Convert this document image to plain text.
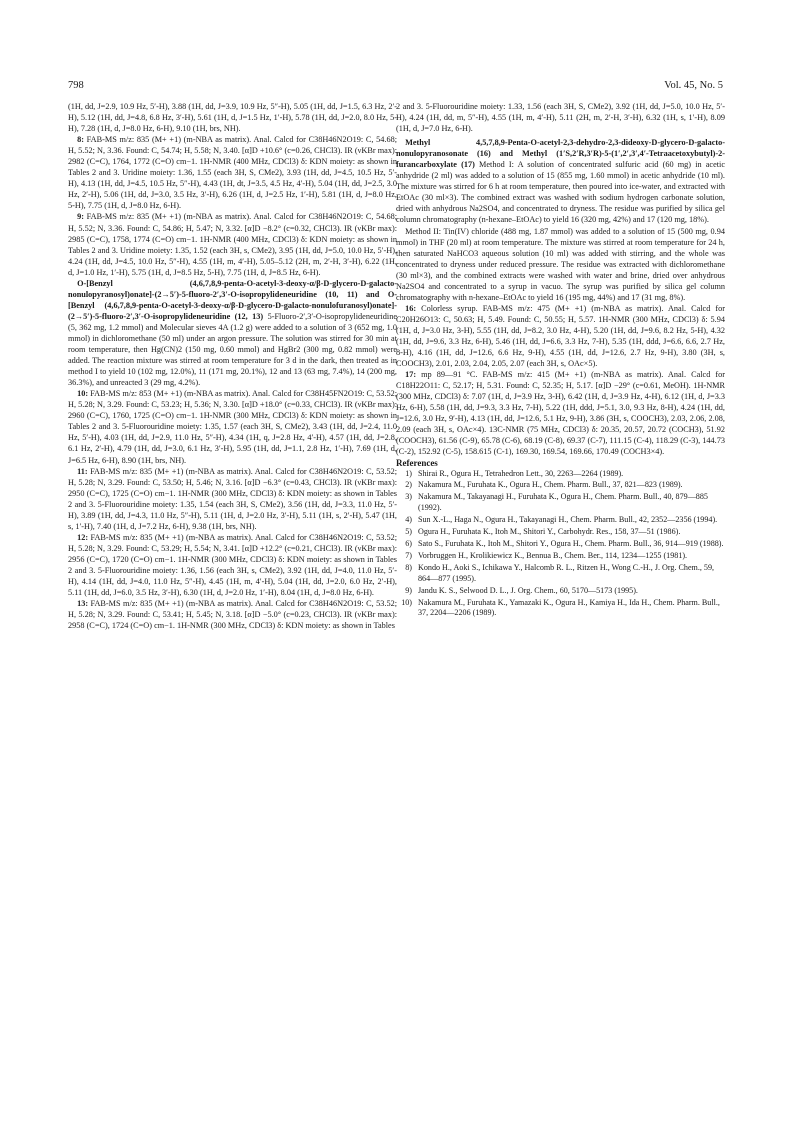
798	Vol. 45, No. 5

(1H, dd, J=2.9, 10.9 Hz, 5′-H), 3.88 (1H, dd, J=3.9, 10.9 Hz, 5″-H), 5.05 (1H, dd, J=1.5, 6.3 Hz, 2′-H), 5.12 (1H, dd, J=4.8, 6.8 Hz, 3′-H), 5.61 (1H, d, J=1.5 Hz, 1′-H), 5.78 (1H, dd, J=2.0, 8.0 Hz, 5-H), 7.28 (1H, d, J=8.0 Hz, 6-H), 9.10 (1H, brs, NH).

8: FAB-MS m/z: 835 (M+ +1) (m-NBA as matrix). Anal. Calcd for C38H46N2O19: C, 54.68; H, 5.52; N, 3.36. Found: C, 54.74; H, 5.58; N, 3.40. [α]D +10.6° (c=0.26, CHCl3). IR (νKBr max): 2982 (C=C), 1764, 1772 (C=O) cm−1. 1H-NMR (400 MHz, CDCl3) δ: KDN moiety: as shown in Tables 2 and 3. Uridine moiety: 1.36, 1.55 (each 3H, S, CMe2), 3.93 (1H, dd, J=4.5, 10.5 Hz, 5′-H), 4.13 (1H, dd, J=4.5, 10.5 Hz, 5″-H), 4.43 (1H, dt, J=3.5, 4.5 Hz, 4′-H), 5.04 (1H, dd, J=2.5, 3.0 Hz, 2′-H), 5.06 (1H, dd, J=3.0, 3.5 Hz, 3′-H), 6.26 (1H, d, J=2.5 Hz, 1′-H), 5.81 (1H, d, J=8.0 Hz, 5-H), 7.75 (1H, d, J=8.0 Hz, 6-H).

9: FAB-MS m/z: 835 (M+ +1) (m-NBA as matrix). Anal. Calcd for C38H46N2O19: C, 54.68; H, 5.52; N, 3.36. Found: C, 54.86; H, 5.47; N, 3.32. [α]D −8.2° (c=0.32, CHCl3). IR (νKBr max): 2985 (C=C), 1758, 1774 (C=O) cm−1. 1H-NMR (400 MHz, CDCl3) δ: KDN moiety: as shown in Tables 2 and 3. Uridine moiety: 1.35, 1.52 (each 3H, s, CMe2), 3.95 (1H, dd, J=5.0, 10.0 Hz, 5′-H), 4.24 (1H, dd, J=4.5, 10.0 Hz, 5″-H), 4.55 (1H, m, 4′-H), 5.05–5.12 (2H, m, 2′-H, 3′-H), 6.22 (1H, d, J=1.0 Hz, 1′-H), 5.75 (1H, d, J=8.5 Hz, 5-H), 7.75 (1H, d, J=8.5 Hz, 6-H).

O-[Benzyl (4,6,7,8,9-penta-O-acetyl-3-deoxy-α/β-D-glycero-D-galacto-nonulopyranosyl)onate]-(2→5′)-5-fluoro-2′,3′-O-isopropylideneuridine (10, 11) and O-[Benzyl (4,6,7,8,9-penta-O-acetyl-3-deoxy-α/β-D-glycero-D-galacto-nonulofuranosyl)onate]-(2→5′)-5-fluoro-2′,3′-O-isopropylideneuridine (12, 13) 5-Fluoro-2′,3′-O-isopropylideneuridine (5, 362 mg, 1.2 mmol) and Molecular sieves 4A (1.2 g) were added to a solution of 3 (652 mg, 1.0 mmol) in dichloromethane (50 ml) under an argon pressure. The solution was stirred for 30 min at room temperature, then Hg(CN)2 (150 mg, 0.60 mmol) and HgBr2 (300 mg, 0.82 mmol) were added. The reaction mixture was stirred at room temperature for 3 d in the dark, then treated as in method I to yield 10 (102 mg, 12.0%), 11 (171 mg, 20.1%), 12 and 13 (63 mg, 7.4%), 14 (200 mg, 36.3%), and unreacted 3 (29 mg, 4.2%).

10: FAB-MS m/z: 853 (M+ +1) (m-NBA as matrix). Anal. Calcd for C38H45FN2O19: C, 53.52; H, 5.28; N, 3.29. Found: C, 53.23; H, 5.36; N, 3.30. [α]D +18.0° (c=0.33, CHCl3). IR (νKBr max): 2960 (C=C), 1760, 1725 (C=O) cm−1. 1H-NMR (300 MHz, CDCl3) δ: KDN moiety: as shown in Tables 2 and 3. 5-Fluorouridine moiety: 1.35, 1.57 (each 3H, S, CMe2), 3.43 (1H, dd, J=2.4, 11.0 Hz, 5′-H), 4.03 (1H, dd, J=2.9, 11.0 Hz, 5″-H), 4.34 (1H, q, J=2.8 Hz, 4′-H), 4.57 (1H, dd, J=2.8, 6.1 Hz, 2′-H), 4.79 (1H, dd, J=3.0, 6.1 Hz, 3′-H), 5.95 (1H, dd, J=1.1, 2.8 Hz, 1′-H), 7.69 (1H, d, J=6.5 Hz, 6-H), 8.90 (1H, brs, NH).

11: FAB-MS m/z: 835 (M+ +1) (m-NBA as matrix). Anal. Calcd for C38H46N2O19: C, 53.52; H, 5.28; N, 3.29. Found: C, 53.50; H, 5.46; N, 3.16. [α]D −6.3° (c=0.43, CHCl3). IR (νKBr max): 2950 (C=C), 1725 (C=O) cm−1. 1H-NMR (300 MHz, CDCl3) δ: KDN moiety: as shown in Tables 2 and 3. 5-Fluorouridine moiety: 1.35, 1.54 (each 3H, S, CMe2), 3.56 (1H, dd, J=3.3, 11.0 Hz, 5′-H), 3.89 (1H, dd, J=4.3, 11.0 Hz, 5″-H), 5.11 (1H, d, J=2.0 Hz, 3′-H), 5.11 (1H, s, 2′-H), 5.47 (1H, s, 1′-H), 7.40 (1H, d, J=7.2 Hz, 6-H), 9.38 (1H, brs, NH).

12: FAB-MS m/z: 835 (M+ +1) (m-NBA as matrix). Anal. Calcd for C38H46N2O19: C, 53.52; H, 5.28; N, 3.29. Found: C, 53.29; H, 5.54; N, 3.41. [α]D +12.2° (c=0.21, CHCl3). IR (νKBr max): 2956 (C=C), 1720 (C=O) cm−1. 1H-NMR (300 MHz, CDCl3) δ: KDN moiety: as shown in Tables 2 and 3. 5-Fluorouridine moiety: 1.36, 1.56 (each 3H, s, CMe2), 3.92 (1H, dd, J=4.0, 11.0 Hz, 5′-H), 4.14 (1H, dd, J=4.0, 11.0 Hz, 5″-H), 4.45 (1H, m, 4′-H), 5.04 (1H, dd, J=2.0, 6.0 Hz, 2′-H), 5.11 (1H, dd, J=6.0, 3.5 Hz, 3′-H), 6.30 (1H, d, J=2.0 Hz, 1′-H), 8.04 (1H, d, J=8.0 Hz, 6-H).

13: FAB-MS m/z: 835 (M+ +1) (m-NBA as matrix). Anal. Calcd for C38H46N2O19: C, 53.52; H, 5.28; N, 3.29. Found: C, 53.41; H, 5.45; N, 3.18. [α]D −5.0° (c=0.23, CHCl3). IR (νKBr max): 2958 (C=C), 1724 (C=O) cm−1. 1H-NMR (300 MHz, CDCl3) δ: KDN moiety: as shown in Tables

2 and 3. 5-Fluorouridine moiety: 1.33, 1.56 (each 3H, S, CMe2), 3.92 (1H, dd, J=5.0, 10.0 Hz, 5′-H), 4.24 (1H, dd, m, 5″-H), 4.55 (1H, m, 4′-H), 5.11 (2H, m, 2′-H, 3′-H), 6.32 (1H, s, 1′-H), 8.09 (1H, d, J=7.0 Hz, 6-H).

Methyl 4,5,7,8,9-Penta-O-acetyl-2,3-dehydro-2,3-dideoxy-D-glycero-D-galacto-nonulopyranosonate (16) and Methyl (1′S,2′R,3′R)-5-(1′,2′,3′,4′-Tetraacetoxybutyl)-2-furancarboxylate (17) Method I: A solution of concentrated sulfuric acid (60 mg) in acetic anhydride (2 ml) was added to a solution of 15 (855 mg, 1.60 mmol) in acetic anhydride (10 ml). The mixture was stirred for 6 h at room temperature, then poured into ice-water, and extracted with EtOAc (30 ml×3). The combined extract was washed with sodium hydrogen carbonate solution, dried with anhydrous Na2SO4, and concentrated to dryness. The residue was purified by silica gel column chromatography (n-hexane–EtOAc) to yield 16 (320 mg, 42%) and 17 (120 mg, 18%).

Method II: Tin(IV) chloride (488 mg, 1.87 mmol) was added to a solution of 15 (500 mg, 0.94 mmol) in THF (20 ml) at room temperature. The mixture was stirred at room temperature for 24 h, then saturated NaHCO3 aqueous solution (10 ml) was added with stirring, and the whole was concentrated to dryness under reduced pressure. The residue was extracted with dichloromethane (30 ml×3), and the combined extracts were washed with water and brine, dried over anhydrous Na2SO4 and concentrated to a syrup in vacuo. The syrup was purified by silica gel column chromatography with n-hexane–EtOAc to yield 16 (195 mg, 44%) and 17 (31 mg, 8%).

16: Colorless syrup. FAB-MS m/z: 475 (M+ +1) (m-NBA as matrix). Anal. Calcd for C20H26O13: C, 50.63; H, 5.49. Found: C, 50.55; H, 5.57. 1H-NMR (300 MHz, CDCl3) δ: 5.94 (1H, d, J=3.0 Hz, 3-H), 5.55 (1H, dd, J=8.2, 3.0 Hz, 4-H), 5.20 (1H, dd, J=9.6, 8.2 Hz, 5-H), 4.32 (1H, dd, J=9.6, 3.3 Hz, 6-H), 5.46 (1H, dd, J=6.6, 3.3 Hz, 7-H), 5.35 (1H, ddd, J=6.6, 6.6, 2.7 Hz, 8-H), 4.16 (1H, dd, J=12.6, 6.6 Hz, 9-H), 4.55 (1H, dd, J=12.6, 2.7 Hz, 9-H), 3.80 (3H, s, COOCH3), 2.01, 2.03, 2.04, 2.05, 2.07 (each 3H, s, OAc×5).

17: mp 89—91 °C. FAB-MS m/z: 415 (M+ +1) (m-NBA as matrix). Anal. Calcd for C18H22O11: C, 52.17; H, 5.31. Found: C, 52.35; H, 5.17. [α]D −29° (c=0.61, MeOH). 1H-NMR (300 MHz, CDCl3) δ: 7.07 (1H, d, J=3.9 Hz, 3-H), 6.42 (1H, d, J=3.9 Hz, 4-H), 6.12 (1H, d, J=3.3 Hz, 6-H), 5.58 (1H, dd, J=9.3, 3.3 Hz, 7-H), 5.22 (1H, ddd, J=5.1, 3.0, 9.3 Hz, 8-H), 4.24 (1H, dd, J=12.6, 3.0 Hz, 9′-H), 4.13 (1H, dd, J=12.6, 5.1 Hz, 9-H), 3.86 (3H, s, COOCH3), 2.03, 2.06, 2.08, 2.09 (each 3H, s, OAc×4). 13C-NMR (75 MHz, CDCl3) δ: 20.35, 20.57, 20.72 (COCH3), 51.92 (COOCH3), 61.56 (C-9), 65.78 (C-6), 68.19 (C-8), 69.37 (C-7), 111.15 (C-4), 118.29 (C-3), 144.73 (C-2), 152.92 (C-5), 158.615 (C-1), 169.30, 169.54, 169.66, 170.49 (COCH3×4).

References

1) Shirai R., Ogura H., Tetrahedron Lett., 30, 2263—2264 (1989).
2) Nakamura M., Furuhata K., Ogura H., Chem. Pharm. Bull., 37, 821—823 (1989).
3) Nakamura M., Takayanagi H., Furuhata K., Ogura H., Chem. Pharm. Bull., 40, 879—885 (1992).
4) Sun X.-L., Haga N., Ogura H., Takayanagi H., Chem. Pharm. Bull., 42, 2352—2356 (1994).
5) Ogura H., Furuhata K., Itoh M., Shitori Y., Carbohydr. Res., 158, 37—51 (1986).
6) Sato S., Furuhata K., Itoh M., Shitori Y., Ogura H., Chem. Pharm. Bull., 36, 914—919 (1988).
7) Vorbruggen H., Krolikiewicz K., Bennua B., Chem. Ber., 114, 1234—1255 (1981).
8) Kondo H., Aoki S., Ichikawa Y., Halcomb R. L., Ritzen H., Wong C.-H., J. Org. Chem., 59, 864—877 (1995).
9) Jandu K. S., Selwood D. L., J. Org. Chem., 60, 5170—5173 (1995).
10) Nakamura M., Furuhata K., Yamazaki K., Ogura H., Kamiya H., Ida H., Chem. Pharm. Bull., 37, 2204—2206 (1989).
